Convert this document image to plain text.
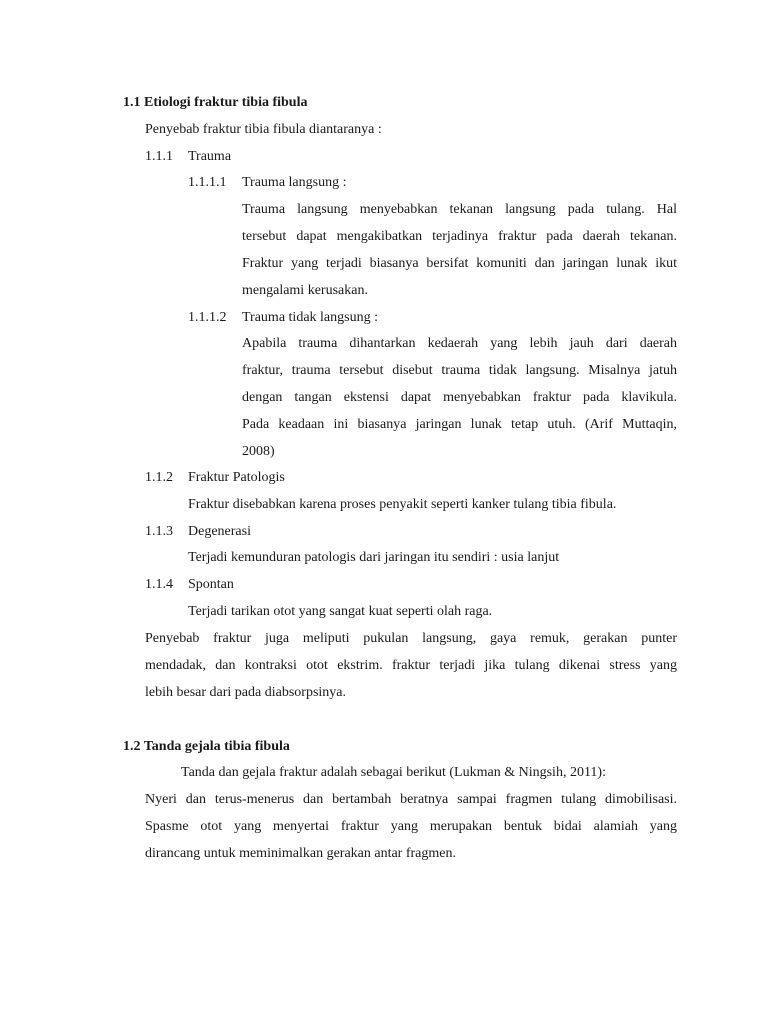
1.1 Etiologi fraktur tibia fibula
Penyebab fraktur tibia fibula diantaranya :
1.1.1 Trauma
1.1.1.1 Trauma langsung :
Trauma langsung menyebabkan tekanan langsung pada tulang. Hal
tersebut dapat mengakibatkan terjadinya fraktur pada daerah tekanan.
Fraktur yang terjadi biasanya bersifat komuniti dan jaringan lunak ikut
mengalami kerusakan.
1.1.1.2 Trauma tidak langsung :
Apabila trauma dihantarkan kedaerah yang lebih jauh dari daerah
fraktur, trauma tersebut disebut trauma tidak langsung. Misalnya jatuh
dengan tangan ekstensi dapat menyebabkan fraktur pada klavikula.
Pada keadaan ini biasanya jaringan lunak tetap utuh. (Arif Muttaqin,
2008)
1.1.2 Fraktur Patologis
Fraktur disebabkan karena proses penyakit seperti kanker tulang tibia fibula.
1.1.3 Degenerasi
Terjadi kemunduran patologis dari jaringan itu sendiri : usia lanjut
1.1.4 Spontan
Terjadi tarikan otot yang sangat kuat seperti olah raga.
Penyebab fraktur juga meliputi pukulan langsung, gaya remuk, gerakan punter
mendadak, dan kontraksi otot ekstrim. fraktur terjadi jika tulang dikenai stress yang
lebih besar dari pada diabsorpsinya.
1.2 Tanda gejala tibia fibula
Tanda dan gejala fraktur adalah sebagai berikut (Lukman & Ningsih, 2011):
Nyeri dan terus-menerus dan bertambah beratnya sampai fragmen tulang dimobilisasi.
Spasme otot yang menyertai fraktur yang merupakan bentuk bidai alamiah yang
dirancang untuk meminimalkan gerakan antar fragmen.
